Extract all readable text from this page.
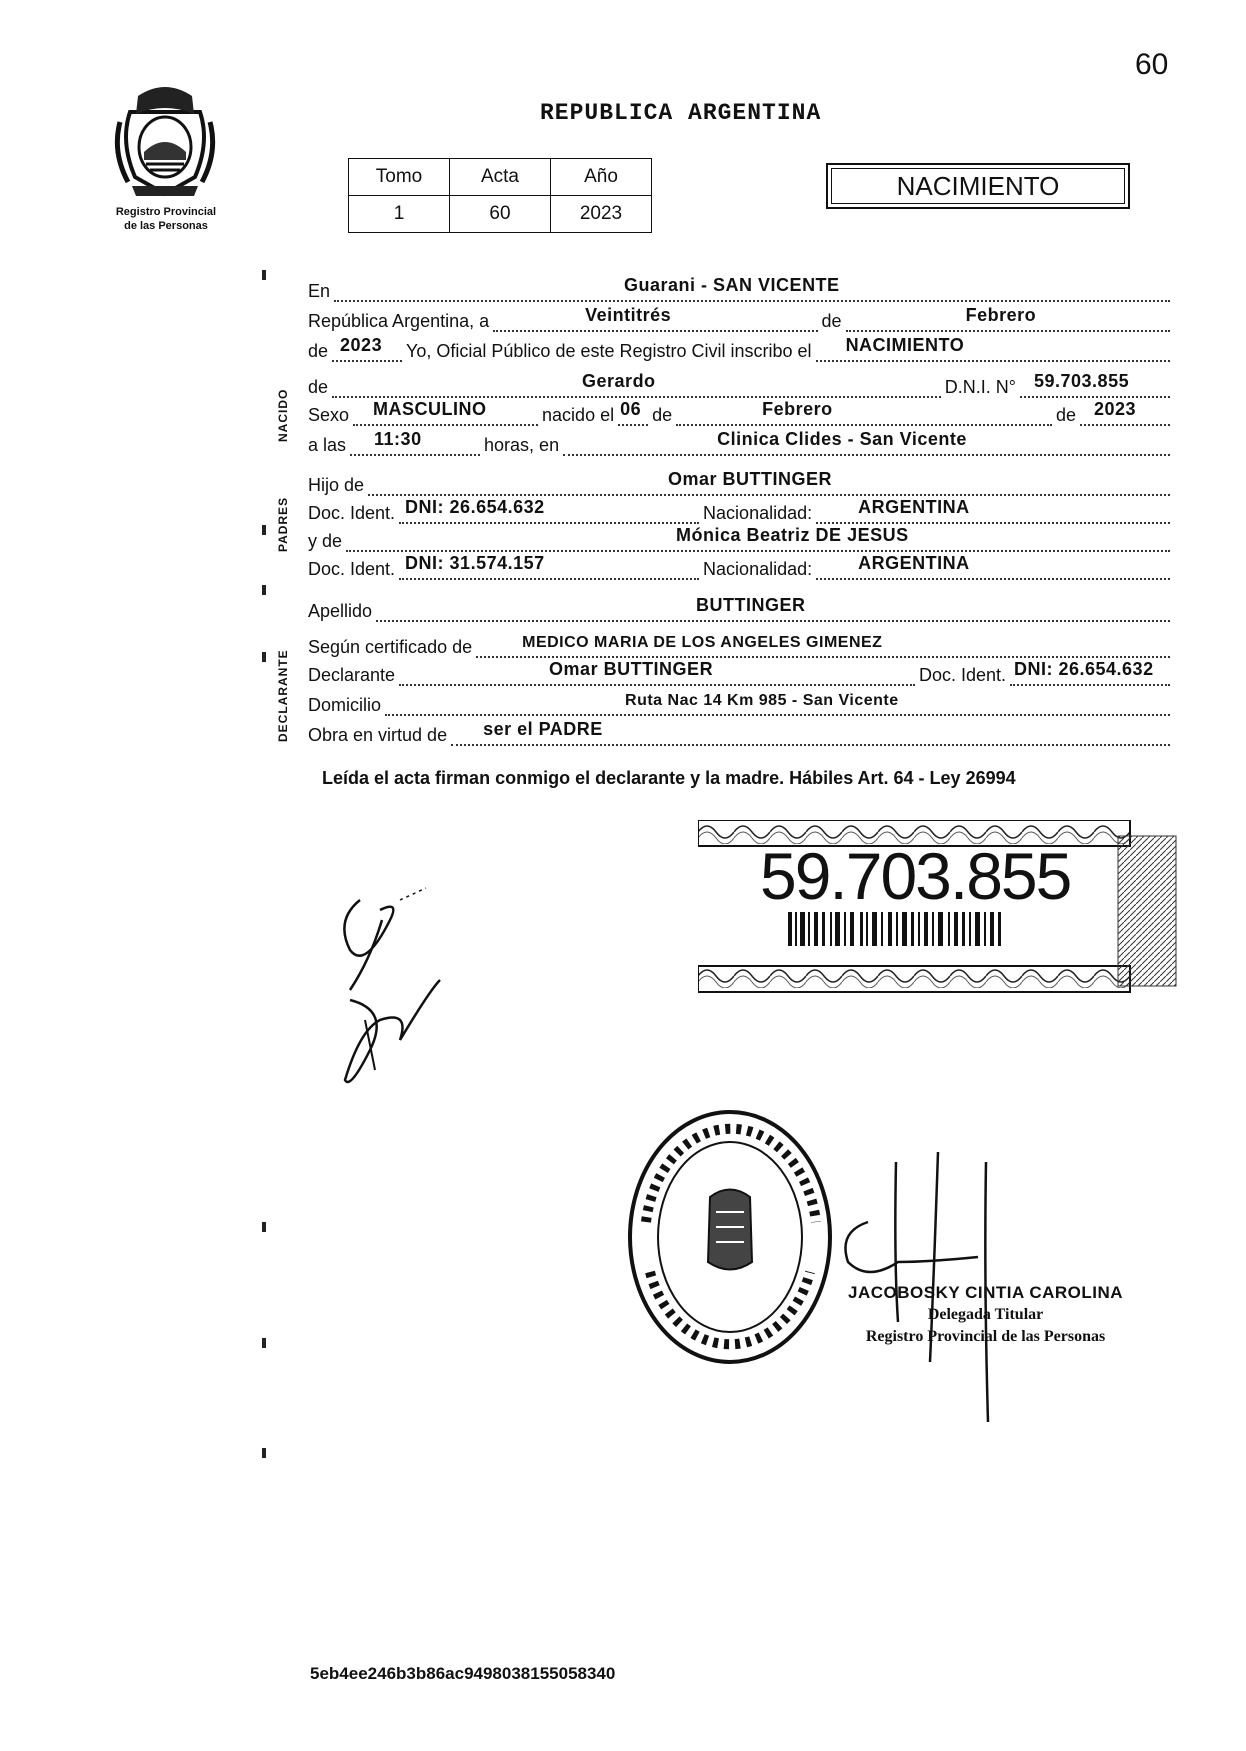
60
REPUBLICA ARGENTINA
Registro Provincial
de las Personas
Tomo	Acta	Año
1	60	2023
NACIMIENTO
NACIDO
PADRES
DECLARANTE
En	Guarani - SAN VICENTE
República Argentina, a	Veintitrés	de	Febrero
de 2023 Yo, Oficial Público de este Registro Civil inscribo el NACIMIENTO
de	Gerardo	D.N.I. N° 59.703.855
Sexo MASCULINO	nacido el 06 de	Febrero	de 2023
a las 11:30	horas, en	Clinica Clides - San Vicente
Hijo de	Omar BUTTINGER
Doc. Ident. DNI: 26.654.632	Nacionalidad:	ARGENTINA
y de	Mónica Beatriz DE JESUS
Doc. Ident. DNI: 31.574.157	Nacionalidad:	ARGENTINA
Apellido	BUTTINGER
Según certificado de	MEDICO MARIA DE LOS ANGELES GIMENEZ
Declarante	Omar BUTTINGER	Doc. Ident. DNI: 26.654.632
Domicilio	Ruta Nac 14 Km 985 - San Vicente
Obra en virtud de ser el PADRE
Leída el acta firman conmigo el declarante y la madre. Hábiles Art. 64 - Ley 26994
59.703.855
JACOBOSKY CINTIA CAROLINA
Delegada Titular
Registro Provincial de las Personas
5eb4ee246b3b86ac9498038155058340
